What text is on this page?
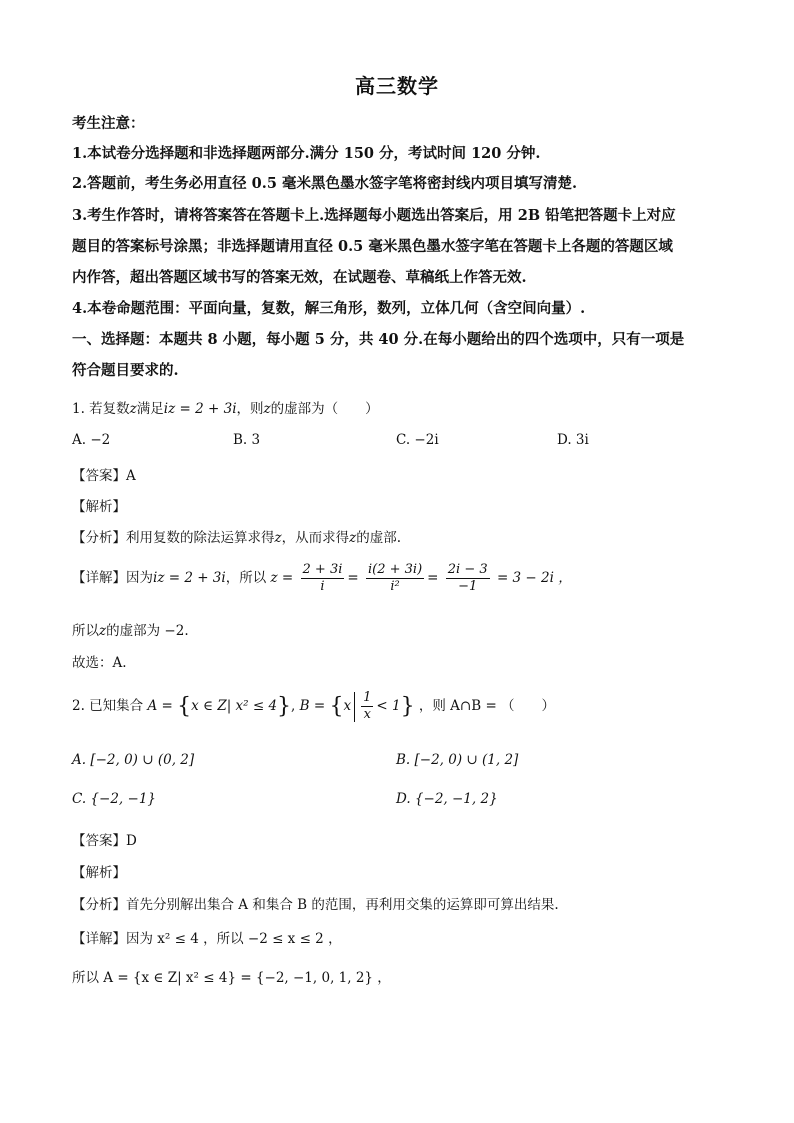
高三数学
考生注意：
1.本试卷分选择题和非选择题两部分.满分 150 分，考试时间 120 分钟.
2.答题前，考生务必用直径 0.5 毫米黑色墨水签字笔将密封线内项目填写清楚.
3.考生作答时，请将答案答在答题卡上.选择题每小题选出答案后，用 2B 铅笔把答题卡上对应
题目的答案标号涂黑；非选择题请用直径 0.5 毫米黑色墨水签字笔在答题卡上各题的答题区域
内作答，超出答题区域书写的答案无效，在试题卷、草稿纸上作答无效.
4.本卷命题范围：平面向量，复数，解三角形，数列，立体几何（含空间向量）.
一、选择题：本题共 8 小题，每小题 5 分，共 40 分.在每小题给出的四个选项中，只有一项是
符合题目要求的.
1. 若复数z满足iz = 2 + 3i，则z的虚部为（　　）
A. −2	B. 3	C. −2i	D. 3i
【答案】A
【解析】
【分析】利用复数的除法运算求得z，从而求得z的虚部.
【详解】因为iz = 2 + 3i，所以 $z = \frac{2 + 3i}{i} = \frac{i(2 + 3i)}{\text{i²}} = \frac{2i - 3}{-1} = 3 - 2i$ ，
所以z的虚部为 −2.
故选：A.
2. 已知集合 A = {x ∈ Z| x² ≤ 4}, $B = \{x \frac{1}{x} < 1\}$ ，则 A∩B = （　　）
A. [−2, 0) ∪ (0, 2]	B. [−2, 0) ∪ (1, 2]
C. {−2, −1}	D. {−2, −1, 2}
【答案】D
【解析】
【分析】首先分别解出集合 A 和集合 B 的范围，再利用交集的运算即可算出结果.
【详解】因为 x² ≤ 4 ，所以 −2 ≤ x ≤ 2 ，
所以 A = {x ∈ Z| x² ≤ 4} = {−2, −1, 0, 1, 2} ，
